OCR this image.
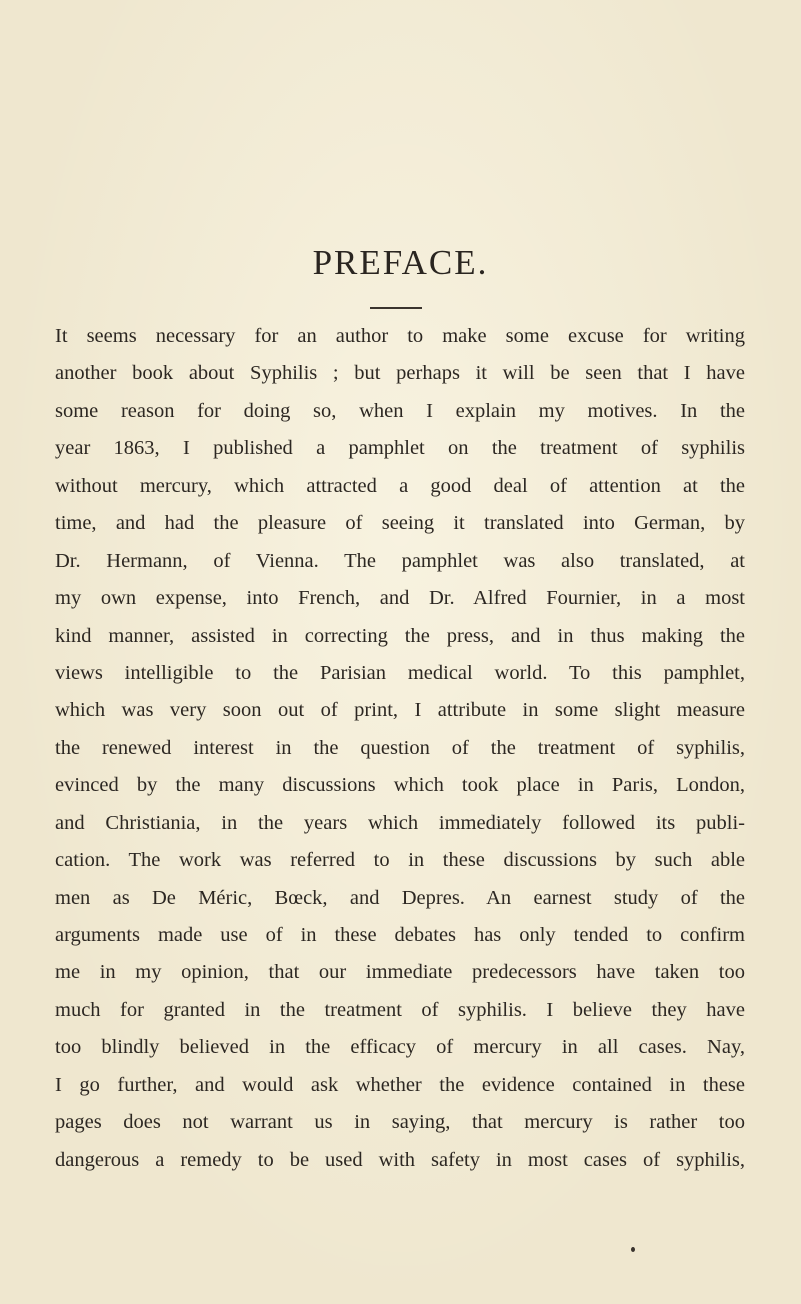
PREFACE.
It seems necessary for an author to make some excuse for writing
another book about Syphilis ; but perhaps it will be seen that I have
some reason for doing so, when I explain my motives. In the
year 1863, I published a pamphlet on the treatment of syphilis
without mercury, which attracted a good deal of attention at the
time, and had the pleasure of seeing it translated into German, by
Dr. Hermann, of Vienna. The pamphlet was also translated, at
my own expense, into French, and Dr. Alfred Fournier, in a most
kind manner, assisted in correcting the press, and in thus making the
views intelligible to the Parisian medical world. To this pamphlet,
which was very soon out of print, I attribute in some slight measure
the renewed interest in the question of the treatment of syphilis,
evinced by the many discussions which took place in Paris, London,
and Christiania, in the years which immediately followed its publi-
cation. The work was referred to in these discussions by such able
men as De Méric, Bœck, and Depres. An earnest study of the
arguments made use of in these debates has only tended to confirm
me in my opinion, that our immediate predecessors have taken too
much for granted in the treatment of syphilis. I believe they have
too blindly believed in the efficacy of mercury in all cases. Nay,
I go further, and would ask whether the evidence contained in these
pages does not warrant us in saying, that mercury is rather too
dangerous a remedy to be used with safety in most cases of syphilis,
